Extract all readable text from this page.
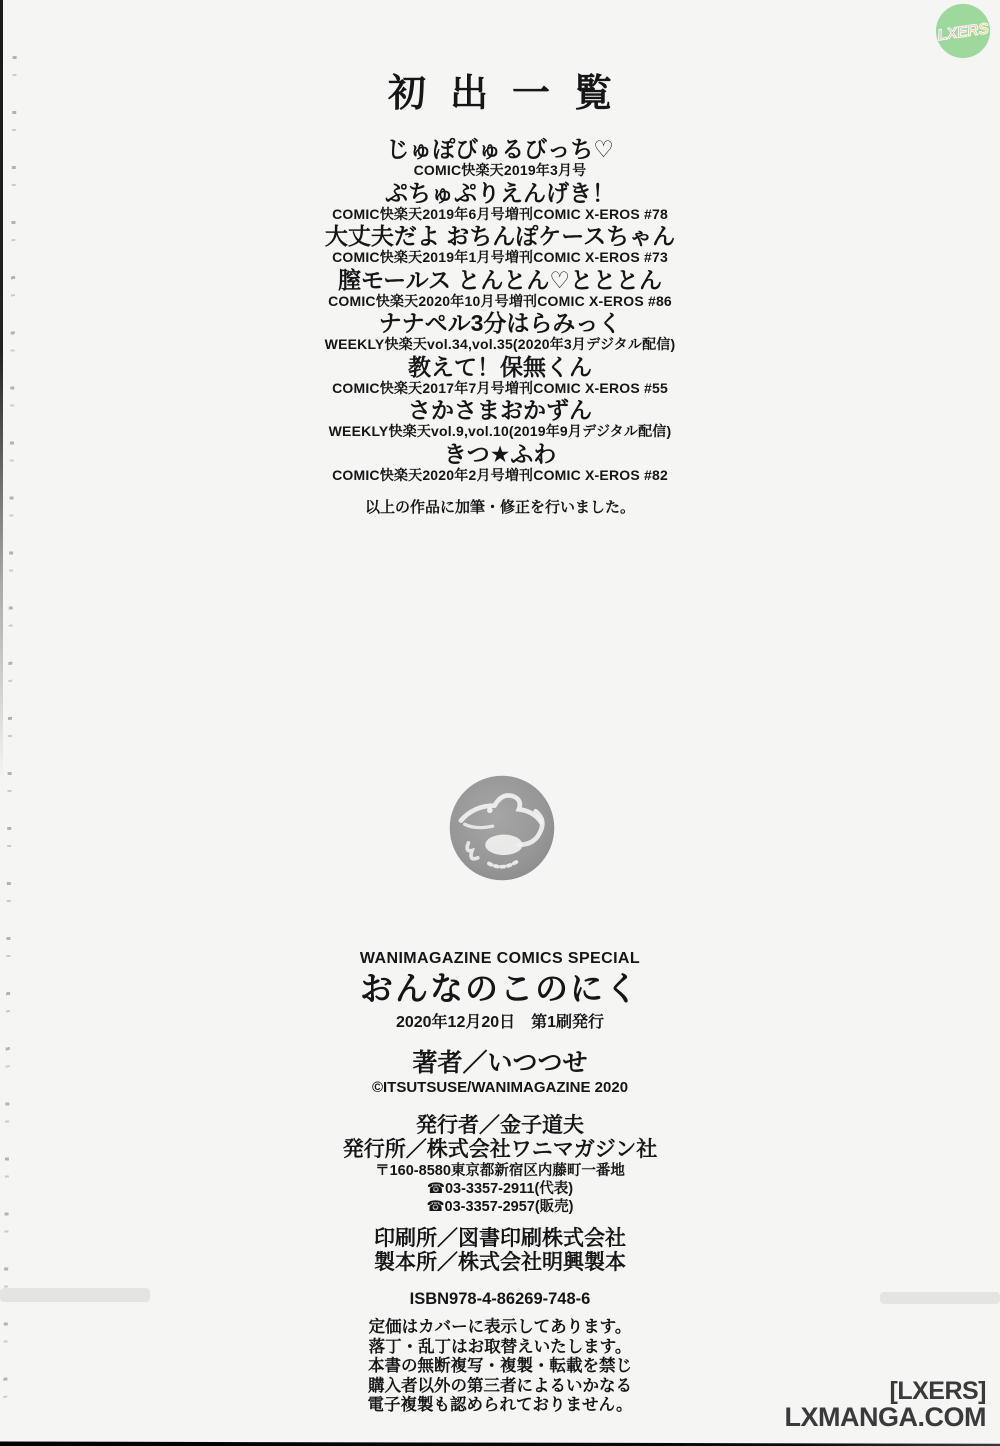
初出一覧
じゅぽびゅるびっち♡
COMIC快楽天2019年3月号
ぷちゅぷりえんげき！
COMIC快楽天2019年6月号増刊COMIC X-EROS #78
大丈夫だよ おちんぽケースちゃん
COMIC快楽天2019年1月号増刊COMIC X-EROS #73
膣モールス とんとん♡とととん
COMIC快楽天2020年10月号増刊COMIC X-EROS #86
ナナペル3分はらみっく
WEEKLY快楽天vol.34,vol.35(2020年3月デジタル配信)
教えて！保無くん
COMIC快楽天2017年7月号増刊COMIC X-EROS #55
さかさまおかずん
WEEKLY快楽天vol.9,vol.10(2019年9月デジタル配信)
きつ★ふわ
COMIC快楽天2020年2月号増刊COMIC X-EROS #82
以上の作品に加筆・修正を行いました。
WANIMAGAZINE COMICS SPECIAL
おんなのこのにく
2020年12月20日　第1刷発行
著者／いつつせ
©ITSUTSUSE/WANIMAGAZINE 2020
発行者／金子道夫
発行所／株式会社ワニマガジン社
〒160-8580東京都新宿区内藤町一番地
☎03-3357-2911(代表)
☎03-3357-2957(販売)
印刷所／図書印刷株式会社
製本所／株式会社明興製本
ISBN978-4-86269-748-6
定価はカバーに表示してあります。
落丁・乱丁はお取替えいたします。
本書の無断複写・複製・転載を禁じ
購入者以外の第三者によるいかなる
電子複製も認められておりません。
LXERS
[LXERS]
LXMANGA.COM
